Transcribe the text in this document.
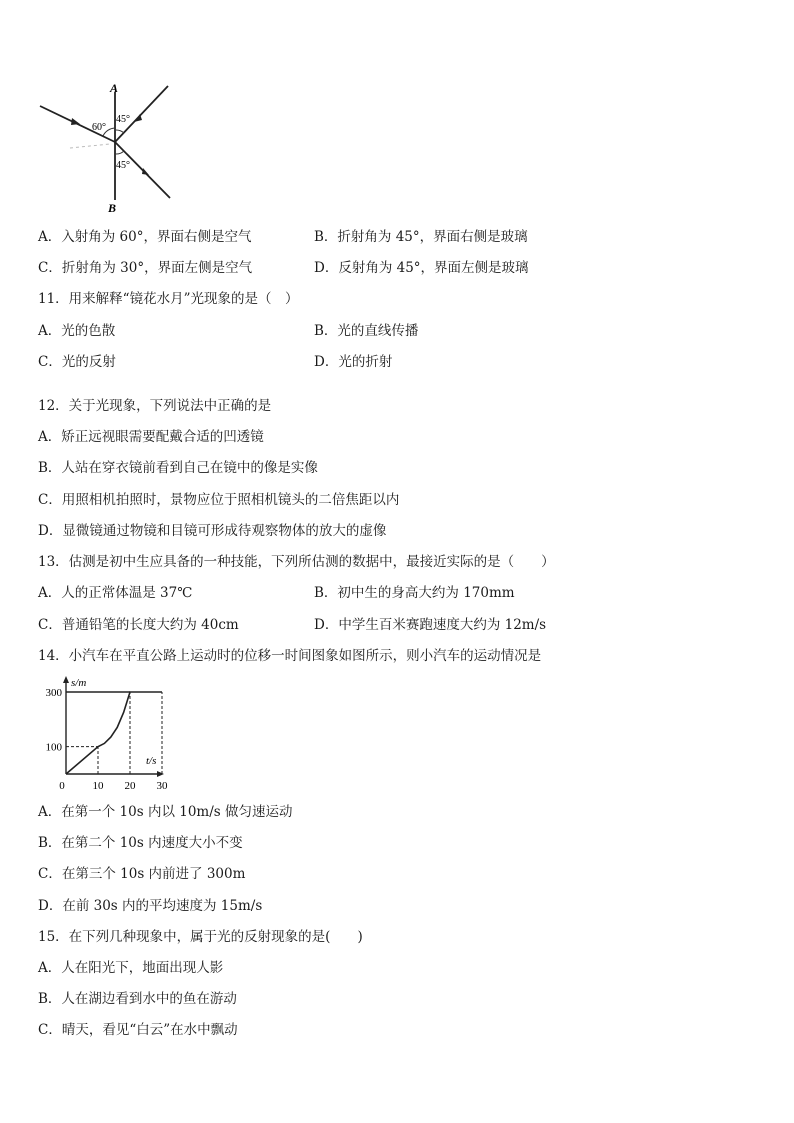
A
B
60°
45°
45°
A．入射角为 60°，界面右侧是空气	B．折射角为 45°，界面右侧是玻璃
C．折射角为 30°，界面左侧是空气	D．反射角为 45°，界面左侧是玻璃
11．用来解释“镜花水月”光现象的是（　）
A．光的色散	B．光的直线传播
C．光的反射	D．光的折射
12．关于光现象，下列说法中正确的是
A．矫正远视眼需要配戴合适的凹透镜
B．人站在穿衣镜前看到自己在镜中的像是实像
C．用照相机拍照时，景物应位于照相机镜头的二倍焦距以内
D．显微镜通过物镜和目镜可形成待观察物体的放大的虚像
13．估测是初中生应具备的一种技能，下列所估测的数据中，最接近实际的是（　　）
A．人的正常体温是 37℃	B．初中生的身高大约为 170mm
C．普通铅笔的长度大约为 40cm	D．中学生百米赛跑速度大约为 12m/s
14．小汽车在平直公路上运动时的位移一时间图象如图所示，则小汽车的运动情况是
0	10 20 30
100
300
s/m
t/s
A．在第一个 10s 内以 10m/s 做匀速运动
B．在第二个 10s 内速度大小不变
C．在第三个 10s 内前进了 300m
D．在前 30s 内的平均速度为 15m/s
15．在下列几种现象中，属于光的反射现象的是(　　)
A．人在阳光下，地面出现人影
B．人在湖边看到水中的鱼在游动
C．晴天，看见“白云”在水中飘动
